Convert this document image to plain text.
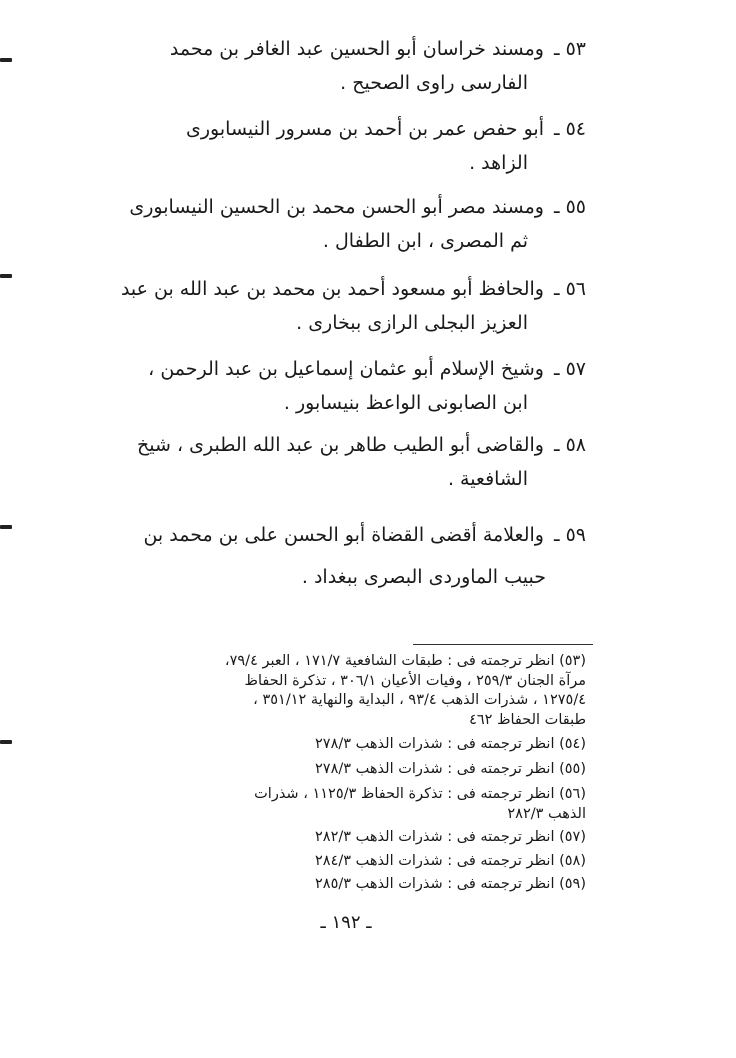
٥٣ ـومسند خراسان أبو الحسين عبد الغافر بن محمد
الفارسى راوى الصحيح .
٥٤ ـأبو حفص عمر بن أحمد بن مسرور النيسابورى
الزاهد .
٥٥ ـومسند مصر أبو الحسن محمد بن الحسين النيسابورى
ثم المصرى ، ابن الطفال .
٥٦ ـوالحافظ أبو مسعود أحمد بن محمد بن عبد الله بن عبد
العزيز البجلى الرازى ببخارى .
٥٧ ـوشيخ الإسلام أبو عثمان إسماعيل بن عبد الرحمن ،
ابن الصابونى الواعظ بنيسابور .
٥٨ ـوالقاضى أبو الطيب طاهر بن عبد الله الطبرى ، شيخ
الشافعية .
٥٩ ـوالعلامة أقضى القضاة أبو الحسن على بن محمد بن
حبيب الماوردى البصرى ببغداد .
(٥٣) انظر ترجمته فى : طبقات الشافعية ١٧١/٧ ، العبر ٧٩/٤،
مرآة الجنان ٢٥٩/٣ ، وفيات الأعيان ٣٠٦/١ ، تذكرة الحفاظ
١٢٧٥/٤ ، شذرات الذهب ٩٣/٤ ، البداية والنهاية ٣٥١/١٢ ،
طبقات الحفاظ ٤٦٢
(٥٤) انظر ترجمته فى : شذرات الذهب ٢٧٨/٣
(٥٥) انظر ترجمته فى : شذرات الذهب ٢٧٨/٣
(٥٦) انظر ترجمته فى : تذكرة الحفاظ ١١٢٥/٣ ، شذرات
الذهب ٢٨٢/٣
(٥٧) انظر ترجمته فى : شذرات الذهب ٢٨٢/٣
(٥٨) انظر ترجمته فى : شذرات الذهب ٢٨٤/٣
(٥٩) انظر ترجمته فى : شذرات الذهب ٢٨٥/٣
ـ ١٩٢ ـ
